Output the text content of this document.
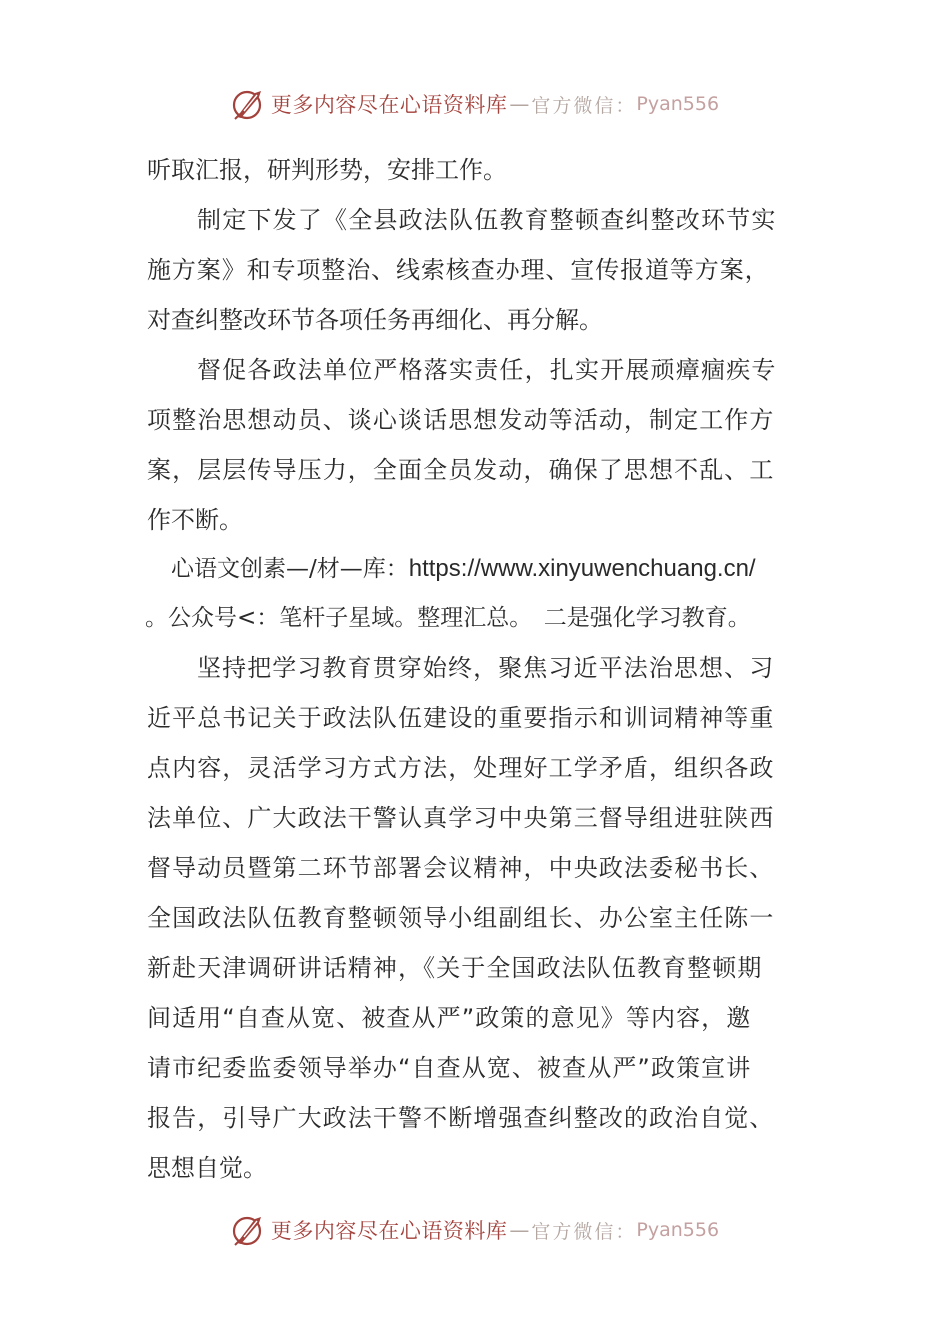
更多内容尽在心语资料库 — 官方微信： Pyan556
听取汇报，研判形势，安排工作。
制定下发了《全县政法队伍教育整顿查纠整改环节实
施方案》和专项整治、线索核查办理、宣传报道等方案，
对查纠整改环节各项任务再细化、再分解。
督促各政法单位严格落实责任，扎实开展顽瘴痼疾专
项整治思想动员、谈心谈话思想发动等活动，制定工作方
案，层层传导压力，全面全员发动，确保了思想不乱、工
作不断。
心语文创素—/材—库：https://www.xinyuwenchuang.cn/
。公众号<：笔杆子星域。整理汇总。　二是强化学习教育。
坚持把学习教育贯穿始终，聚焦习近平法治思想、习
近平总书记关于政法队伍建设的重要指示和训词精神等重
点内容，灵活学习方式方法，处理好工学矛盾，组织各政
法单位、广大政法干警认真学习中央第三督导组进驻陕西
督导动员暨第二环节部署会议精神，中央政法委秘书长、
全国政法队伍教育整顿领导小组副组长、办公室主任陈一
新赴天津调研讲话精神，《关于全国政法队伍教育整顿期
间适用“自查从宽、被查从严”政策的意见》等内容，邀
请市纪委监委领导举办“自查从宽、被查从严”政策宣讲
报告，引导广大政法干警不断增强查纠整改的政治自觉、
思想自觉。
更多内容尽在心语资料库 — 官方微信： Pyan556
